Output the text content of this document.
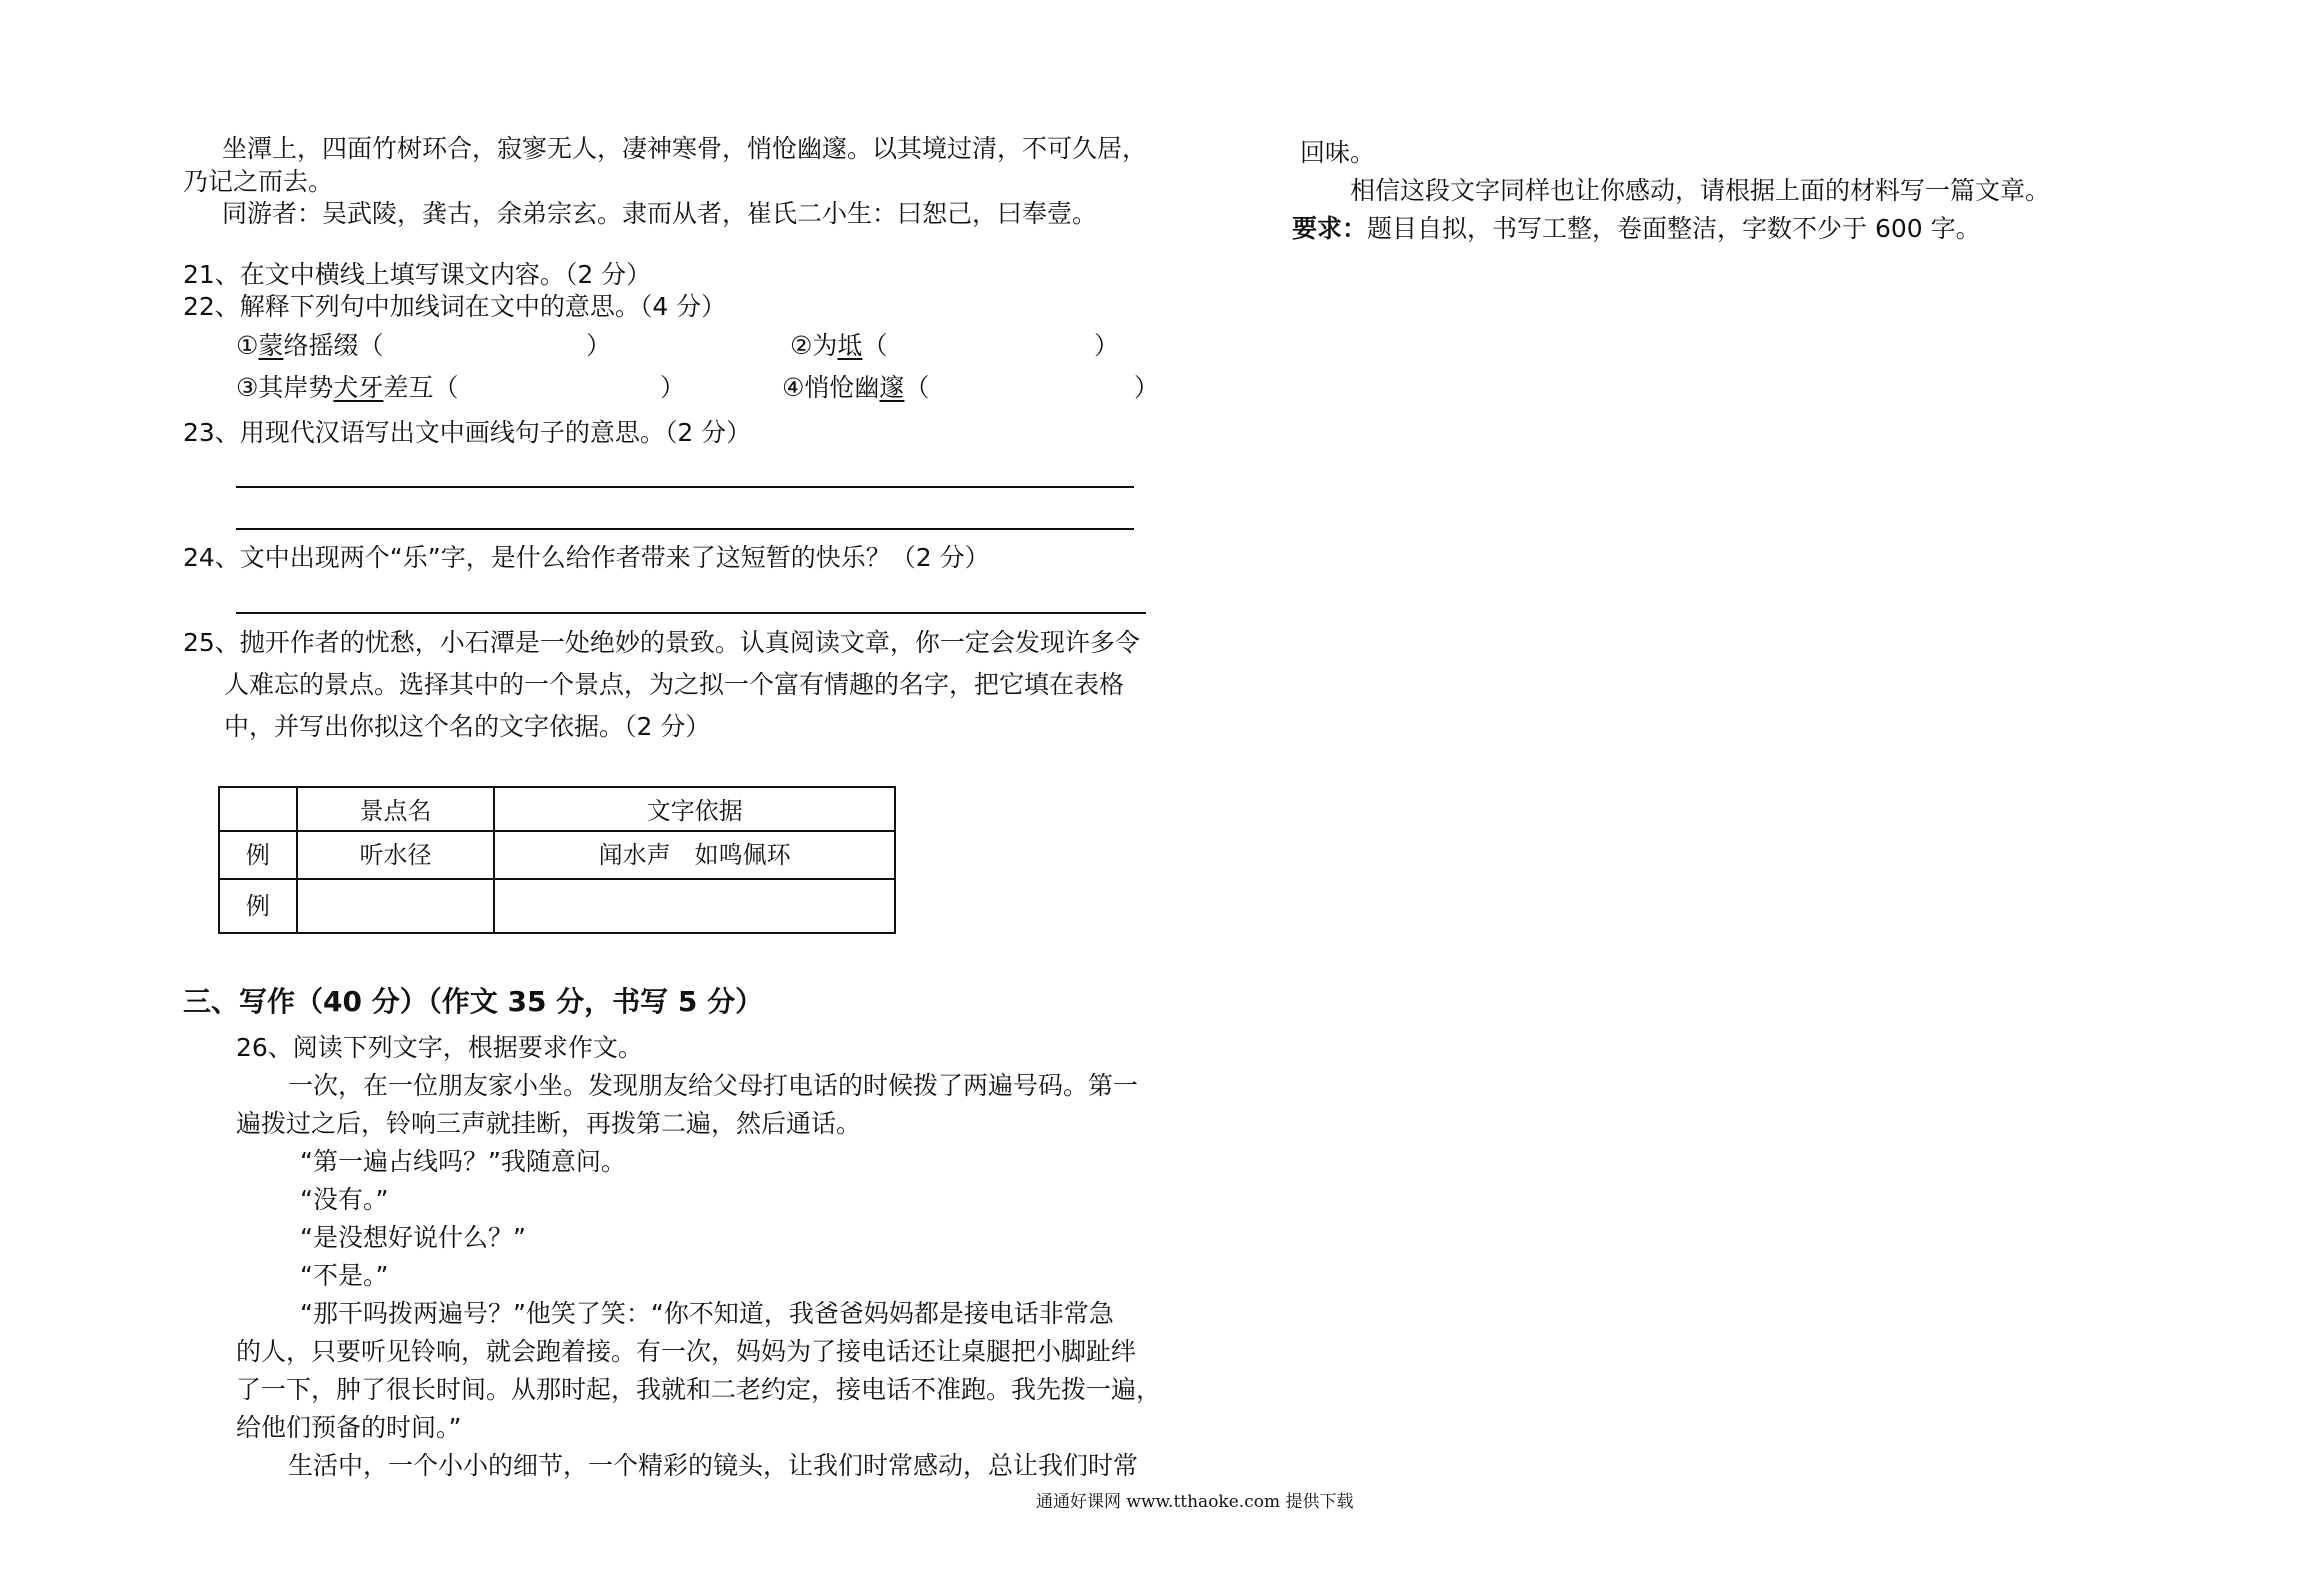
坐潭上，四面竹树环合，寂寥无人，凄神寒骨，悄怆幽邃。以其境过清，不可久居，
乃记之而去。
同游者：吴武陵，龚古，余弟宗玄。隶而从者，崔氏二小生：曰恕己，曰奉壹。
21、在文中横线上填写课文内容。（2 分）
22、解释下列句中加线词在文中的意思。（4 分）
①蒙络摇缀（	）	②为坻（	）
③其岸势犬牙差互（	）	④悄怆幽邃（	）
23、用现代汉语写出文中画线句子的意思。（2 分）
24、文中出现两个“乐”字，是什么给作者带来了这短暂的快乐？（2 分）
25、抛开作者的忧愁，小石潭是一处绝妙的景致。认真阅读文章，你一定会发现许多令
人难忘的景点。选择其中的一个景点，为之拟一个富有情趣的名字，把它填在表格
中，并写出你拟这个名的文字依据。（2 分）
	景点名	文字依据
例	听水径	闻水声　如鸣佩环
例		
三、写作（40 分）（作文 35 分，书写 5 分）
26、阅读下列文字，根据要求作文。
一次，在一位朋友家小坐。发现朋友给父母打电话的时候拨了两遍号码。第一
遍拨过之后，铃响三声就挂断，再拨第二遍，然后通话。
“第一遍占线吗？”我随意问。
“没有。”
“是没想好说什么？”
“不是。”
“那干吗拨两遍号？”他笑了笑：“你不知道，我爸爸妈妈都是接电话非常急
的人，只要听见铃响，就会跑着接。有一次，妈妈为了接电话还让桌腿把小脚趾绊
了一下，肿了很长时间。从那时起，我就和二老约定，接电话不准跑。我先拨一遍，
给他们预备的时间。”
生活中，一个小小的细节，一个精彩的镜头，让我们时常感动，总让我们时常
回味。
相信这段文字同样也让你感动，请根据上面的材料写一篇文章。
要求：题目自拟，书写工整，卷面整洁，字数不少于 600 字。
通通好课网 www.tthaoke.com 提供下载
